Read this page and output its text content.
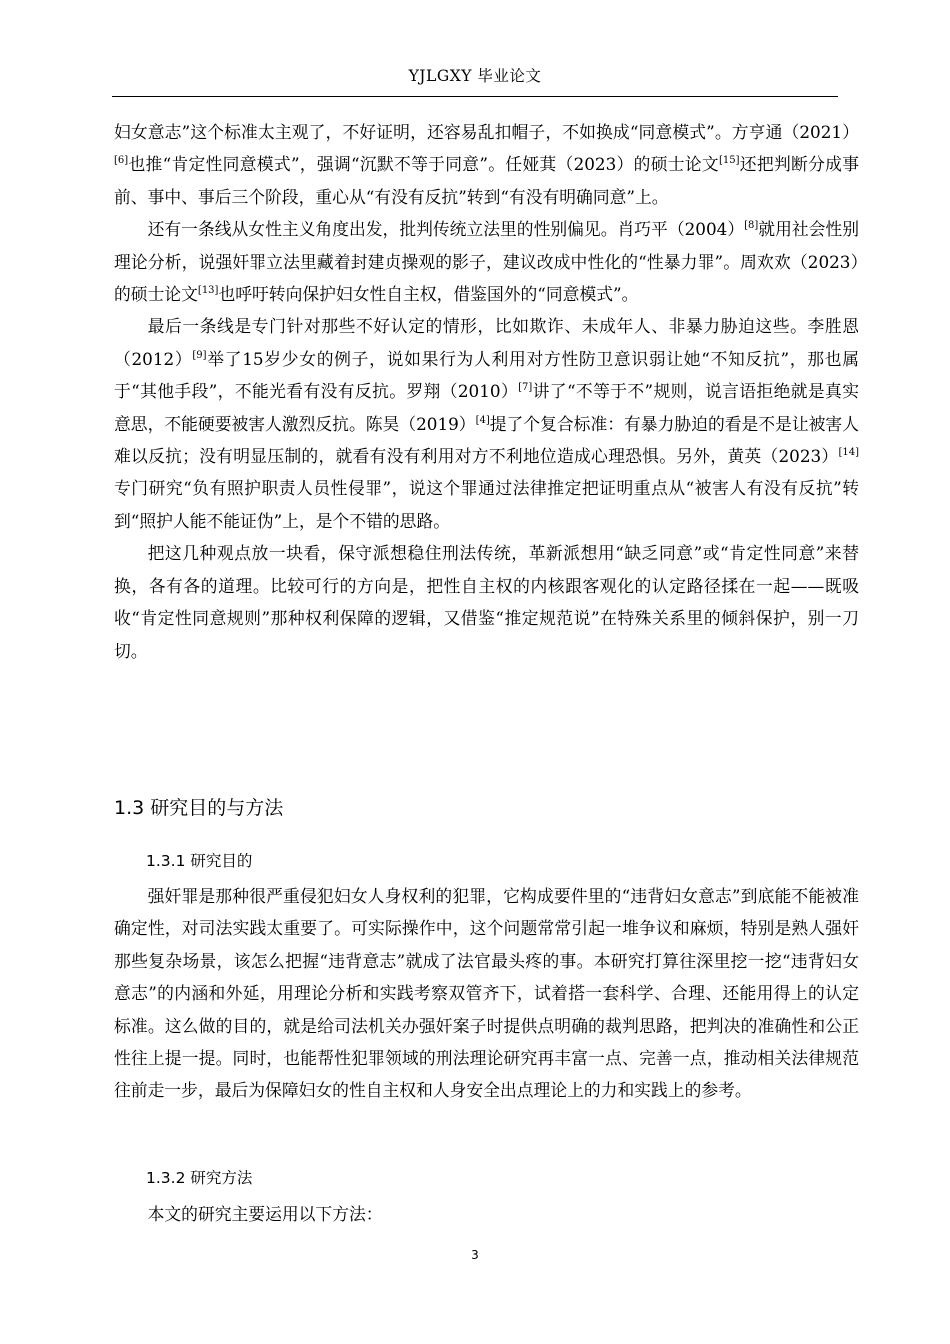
YJLGXY 毕业论文

妇女意志”这个标准太主观了，不好证明，还容易乱扣帽子，不如换成“同意模式”。方亨通（2021）[6]也推“肯定性同意模式”，强调“沉默不等于同意”。任娅萁（2023）的硕士论文[15]还把判断分成事前、事中、事后三个阶段，重心从“有没有反抗”转到“有没有明确同意”上。

还有一条线从女性主义角度出发，批判传统立法里的性别偏见。肖巧平（2004）[8]就用社会性别理论分析，说强奸罪立法里藏着封建贞操观的影子，建议改成中性化的“性暴力罪”。周欢欢（2023）的硕士论文[13]也呼吁转向保护妇女性自主权，借鉴国外的“同意模式”。

最后一条线是专门针对那些不好认定的情形，比如欺诈、未成年人、非暴力胁迫这些。李胜恩（2012）[9]举了15岁少女的例子，说如果行为人利用对方性防卫意识弱让她“不知反抗”，那也属于“其他手段”，不能光看有没有反抗。罗翔（2010）[7]讲了“不等于不”规则，说言语拒绝就是真实意思，不能硬要被害人激烈反抗。陈昊（2019）[4]提了个复合标准：有暴力胁迫的看是不是让被害人难以反抗；没有明显压制的，就看有没有利用对方不利地位造成心理恐惧。另外，黄英（2023）[14]专门研究“负有照护职责人员性侵罪”，说这个罪通过法律推定把证明重点从“被害人有没有反抗”转到“照护人能不能证伪”上，是个不错的思路。

把这几种观点放一块看，保守派想稳住刑法传统，革新派想用“缺乏同意”或“肯定性同意”来替换，各有各的道理。比较可行的方向是，把性自主权的内核跟客观化的认定路径揉在一起——既吸收“肯定性同意规则”那种权利保障的逻辑，又借鉴“推定规范说”在特殊关系里的倾斜保护，别一刀切。

1.3 研究目的与方法
1.3.1 研究目的

强奸罪是那种很严重侵犯妇女人身权利的犯罪，它构成要件里的“违背妇女意志”到底能不能被准确定性，对司法实践太重要了。可实际操作中，这个问题常常引起一堆争议和麻烦，特别是熟人强奸那些复杂场景，该怎么把握“违背意志”就成了法官最头疼的事。本研究打算往深里挖一挖“违背妇女意志”的内涵和外延，用理论分析和实践考察双管齐下，试着搭一套科学、合理、还能用得上的认定标准。这么做的目的，就是给司法机关办强奸案子时提供点明确的裁判思路，把判决的准确性和公正性往上提一提。同时，也能帮性犯罪领域的刑法理论研究再丰富一点、完善一点，推动相关法律规范往前走一步，最后为保障妇女的性自主权和人身安全出点理论上的力和实践上的参考。

1.3.2 研究方法

本文的研究主要运用以下方法：

3
